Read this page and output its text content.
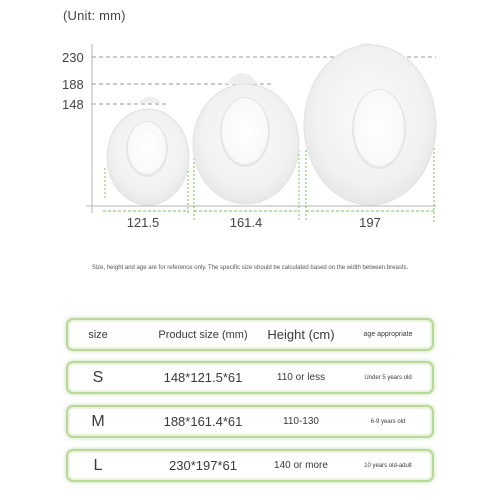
(Unit: mm)
230
188
148
121.5	161.4	197
Size, height and age are for reference only. The specific size should be calculated based on the width between breasts.
size	Product size (mm)	Height (cm)	age appropriate
S	148*121.5*61	110 or less	Under 5 years old
M	188*161.4*61	110-130	6-9 years old
L	230*197*61	140 or more	10 years old-adult
